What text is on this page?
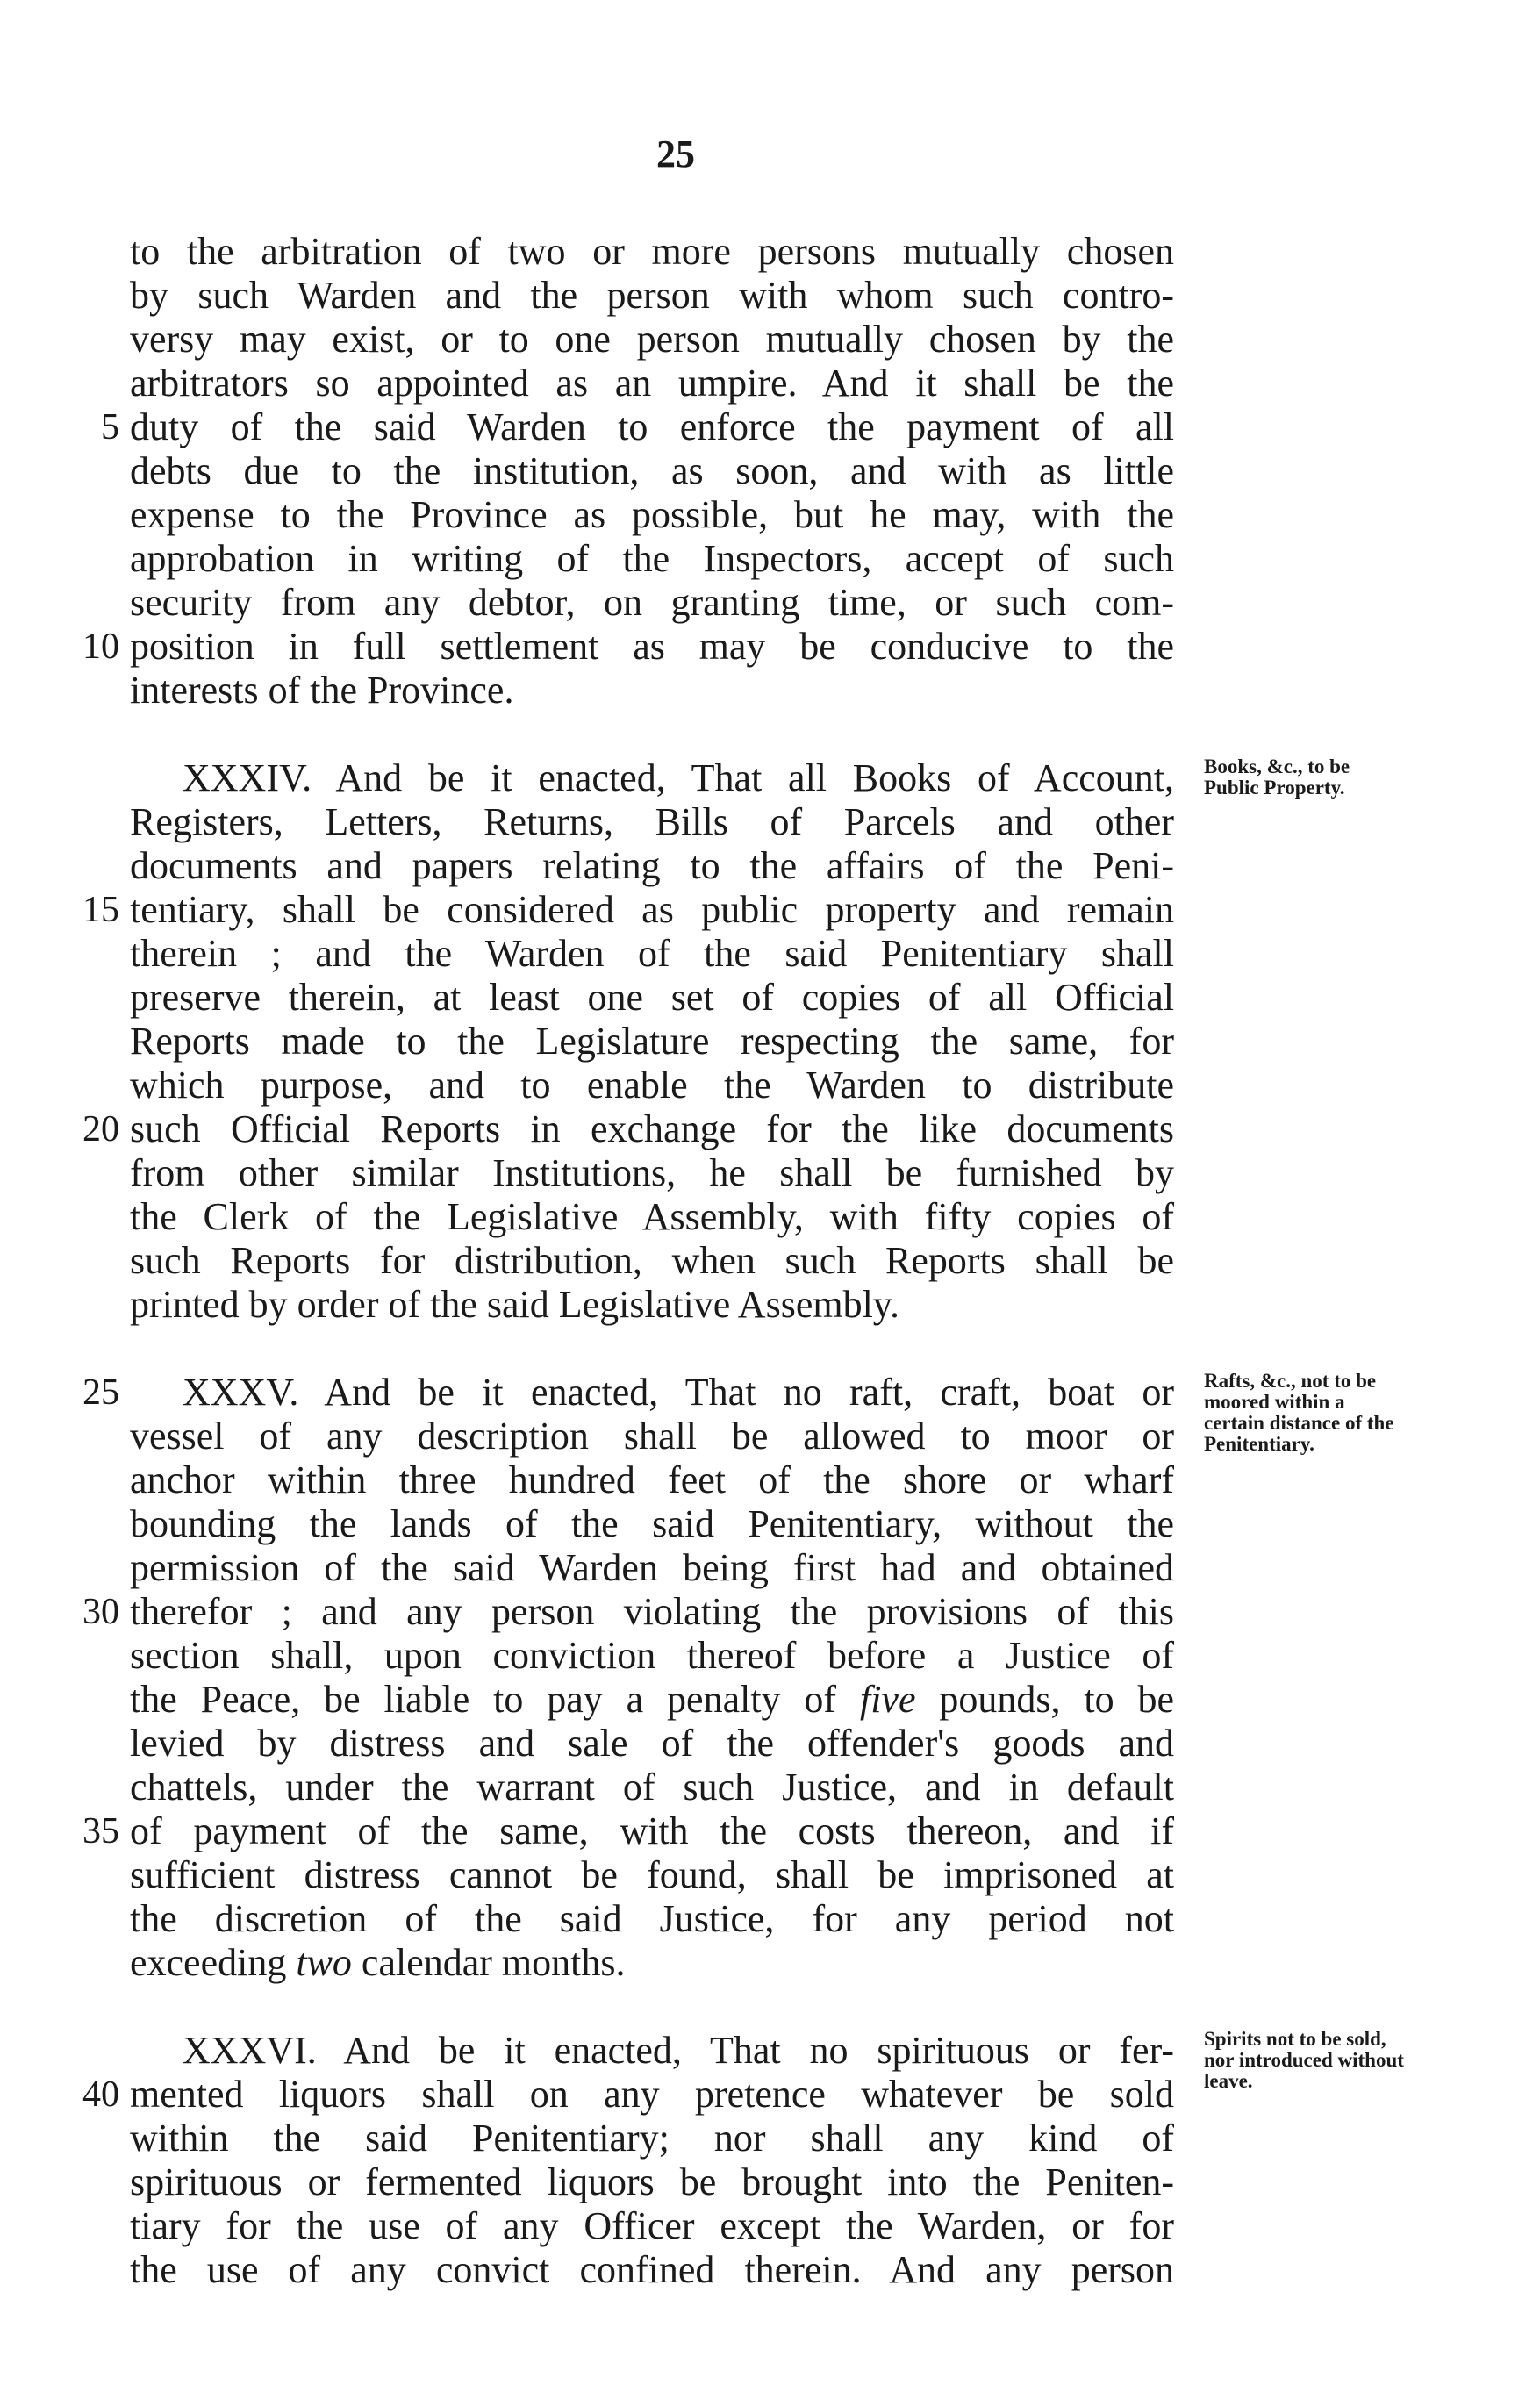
25
to the arbitration of two or more persons mutually chosen
by such Warden and the person with whom such contro-
versy may exist, or to one person mutually chosen by the
arbitrators so appointed as an umpire. And it shall be the
duty of the said Warden to enforce the payment of all
debts due to the institution, as soon, and with as little
expense to the Province as possible, but he may, with the
approbation in writing of the Inspectors, accept of such
security from any debtor, on granting time, or such com-
position in full settlement as may be conducive to the
interests of the Province.
XXXIV. And be it enacted, That all Books of Account,
Registers, Letters, Returns, Bills of Parcels and other
documents and papers relating to the affairs of the Peni-
tentiary, shall be considered as public property and remain
therein ; and the Warden of the said Penitentiary shall
preserve therein, at least one set of copies of all Official
Reports made to the Legislature respecting the same, for
which purpose, and to enable the Warden to distribute
such Official Reports in exchange for the like documents
from other similar Institutions, he shall be furnished by
the Clerk of the Legislative Assembly, with fifty copies of
such Reports for distribution, when such Reports shall be
printed by order of the said Legislative Assembly.
XXXV. And be it enacted, That no raft, craft, boat or
vessel of any description shall be allowed to moor or
anchor within three hundred feet of the shore or wharf
bounding the lands of the said Penitentiary, without the
permission of the said Warden being first had and obtained
therefor ; and any person violating the provisions of this
section shall, upon conviction thereof before a Justice of
the Peace, be liable to pay a penalty of five pounds, to be
levied by distress and sale of the offender's goods and
chattels, under the warrant of such Justice, and in default
of payment of the same, with the costs thereon, and if
sufficient distress cannot be found, shall be imprisoned at
the discretion of the said Justice, for any period not
exceeding two calendar months.
XXXVI. And be it enacted, That no spirituous or fer-
mented liquors shall on any pretence whatever be sold
within the said Penitentiary; nor shall any kind of
spirituous or fermented liquors be brought into the Peniten-
tiary for the use of any Officer except the Warden, or for
the use of any convict confined therein. And any person
5
10
15
20
25
30
35
40
Books, &c., to be Public Property.
Rafts, &c., not to be moored within a certain distance of the Penitentiary.
Spirits not to be sold, nor introduced without leave.
